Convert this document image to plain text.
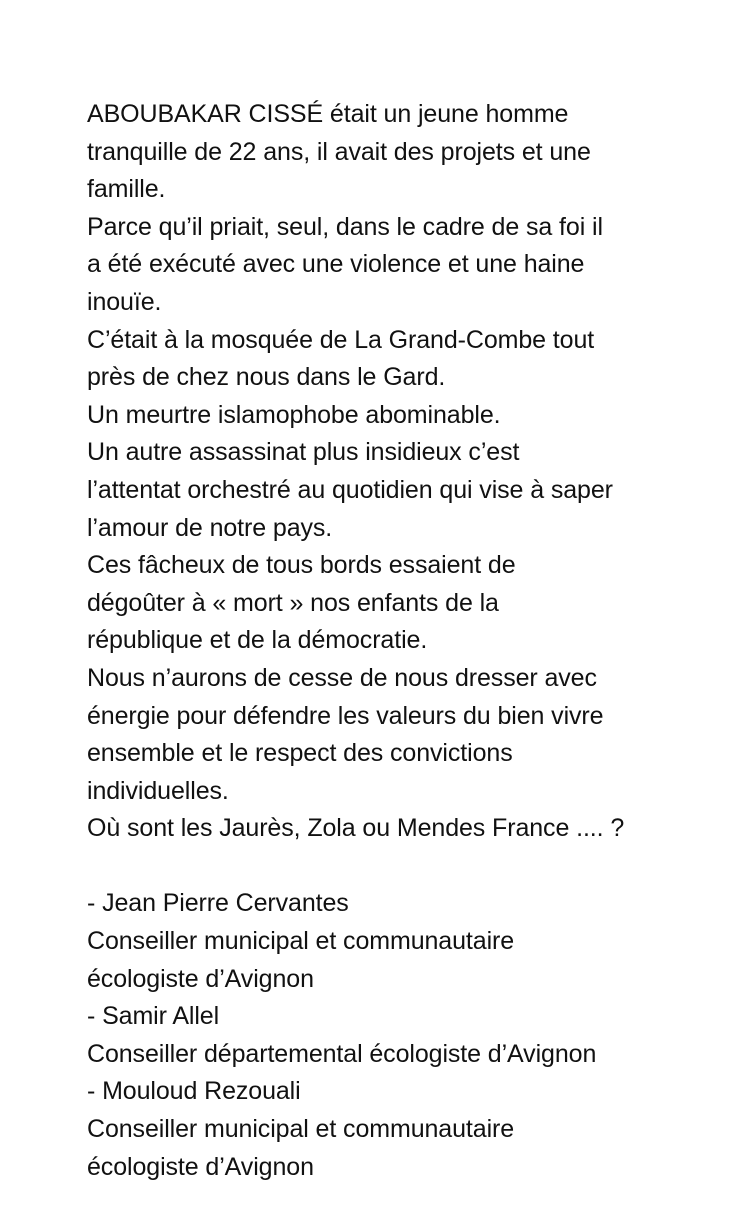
ABOUBAKAR CISSÉ était un jeune homme
tranquille de 22 ans, il avait des projets et une
famille.
Parce qu’il priait, seul, dans le cadre de sa foi il
a été exécuté avec une violence et une haine
inouïe.
C’était à la mosquée de La Grand-Combe tout
près de chez nous dans le Gard.
Un meurtre islamophobe abominable.
Un autre assassinat plus insidieux c’est
l’attentat orchestré au quotidien qui vise à saper
l’amour de notre pays.
Ces fâcheux de tous bords essaient de
dégoûter à « mort » nos enfants de la
république et de la démocratie.
Nous n’aurons de cesse de nous dresser avec
énergie pour défendre les valeurs du bien vivre
ensemble et le respect des convictions
individuelles.
Où sont les Jaurès, Zola ou Mendes France .... ?
- Jean Pierre Cervantes
Conseiller municipal et communautaire
écologiste d’Avignon
- Samir Allel
Conseiller départemental écologiste d’Avignon
- Mouloud Rezouali
Conseiller municipal et communautaire
écologiste d’Avignon
